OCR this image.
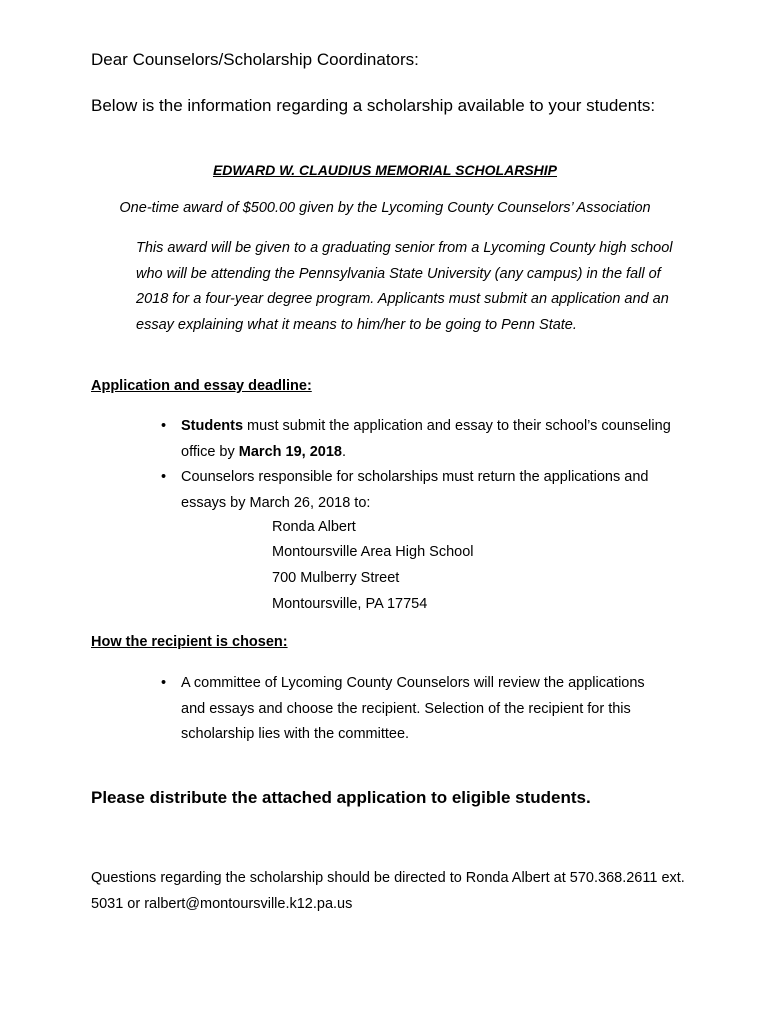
Dear Counselors/Scholarship Coordinators:
Below is the information regarding a scholarship available to your students:
EDWARD W. CLAUDIUS MEMORIAL SCHOLARSHIP
One-time award of $500.00 given by the Lycoming County Counselors’ Association
This award will be given to a graduating senior from a Lycoming County high school who will be attending the Pennsylvania State University (any campus) in the fall of 2018 for a four-year degree program. Applicants must submit an application and an essay explaining what it means to him/her to be going to Penn State.
Application and essay deadline:
• Students must submit the application and essay to their school’s counseling office by March 19, 2018.
• Counselors responsible for scholarships must return the applications and essays by March 26, 2018 to:
Ronda Albert
Montoursville Area High School
700 Mulberry Street
Montoursville, PA 17754
How the recipient is chosen:
• A committee of Lycoming County Counselors will review the applications and essays and choose the recipient. Selection of the recipient for this scholarship lies with the committee.
Please distribute the attached application to eligible students.
Questions regarding the scholarship should be directed to Ronda Albert at 570.368.2611 ext. 5031 or ralbert@montoursville.k12.pa.us
